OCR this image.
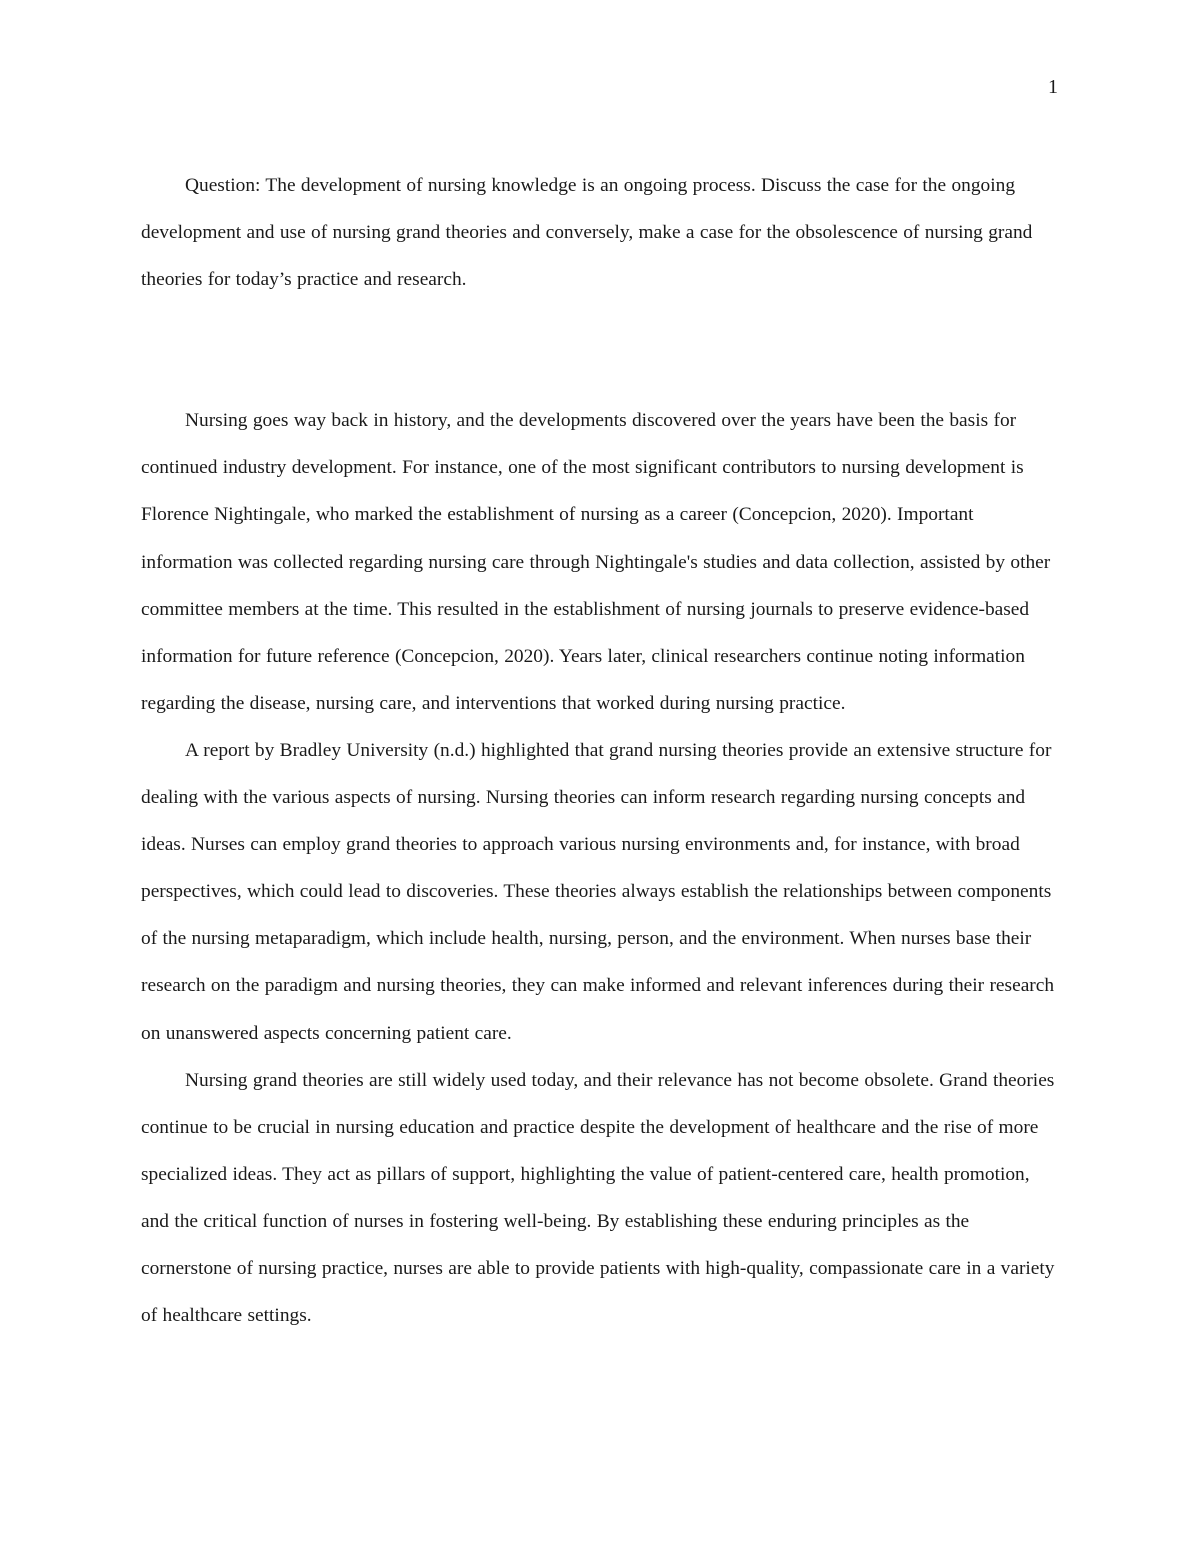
1

Question: The development of nursing knowledge is an ongoing process. Discuss the case for the ongoing development and use of nursing grand theories and conversely, make a case for the obsolescence of nursing grand theories for today’s practice and research.

Nursing goes way back in history, and the developments discovered over the years have been the basis for continued industry development. For instance, one of the most significant contributors to nursing development is Florence Nightingale, who marked the establishment of nursing as a career (Concepcion, 2020). Important information was collected regarding nursing care through Nightingale's studies and data collection, assisted by other committee members at the time. This resulted in the establishment of nursing journals to preserve evidence-based information for future reference (Concepcion, 2020). Years later, clinical researchers continue noting information regarding the disease, nursing care, and interventions that worked during nursing practice.

A report by Bradley University (n.d.) highlighted that grand nursing theories provide an extensive structure for dealing with the various aspects of nursing. Nursing theories can inform research regarding nursing concepts and ideas. Nurses can employ grand theories to approach various nursing environments and, for instance, with broad perspectives, which could lead to discoveries. These theories always establish the relationships between components of the nursing metaparadigm, which include health, nursing, person, and the environment. When nurses base their research on the paradigm and nursing theories, they can make informed and relevant inferences during their research on unanswered aspects concerning patient care.

Nursing grand theories are still widely used today, and their relevance has not become obsolete. Grand theories continue to be crucial in nursing education and practice despite the development of healthcare and the rise of more specialized ideas. They act as pillars of support, highlighting the value of patient-centered care, health promotion, and the critical function of nurses in fostering well-being. By establishing these enduring principles as the cornerstone of nursing practice, nurses are able to provide patients with high-quality, compassionate care in a variety of healthcare settings.
